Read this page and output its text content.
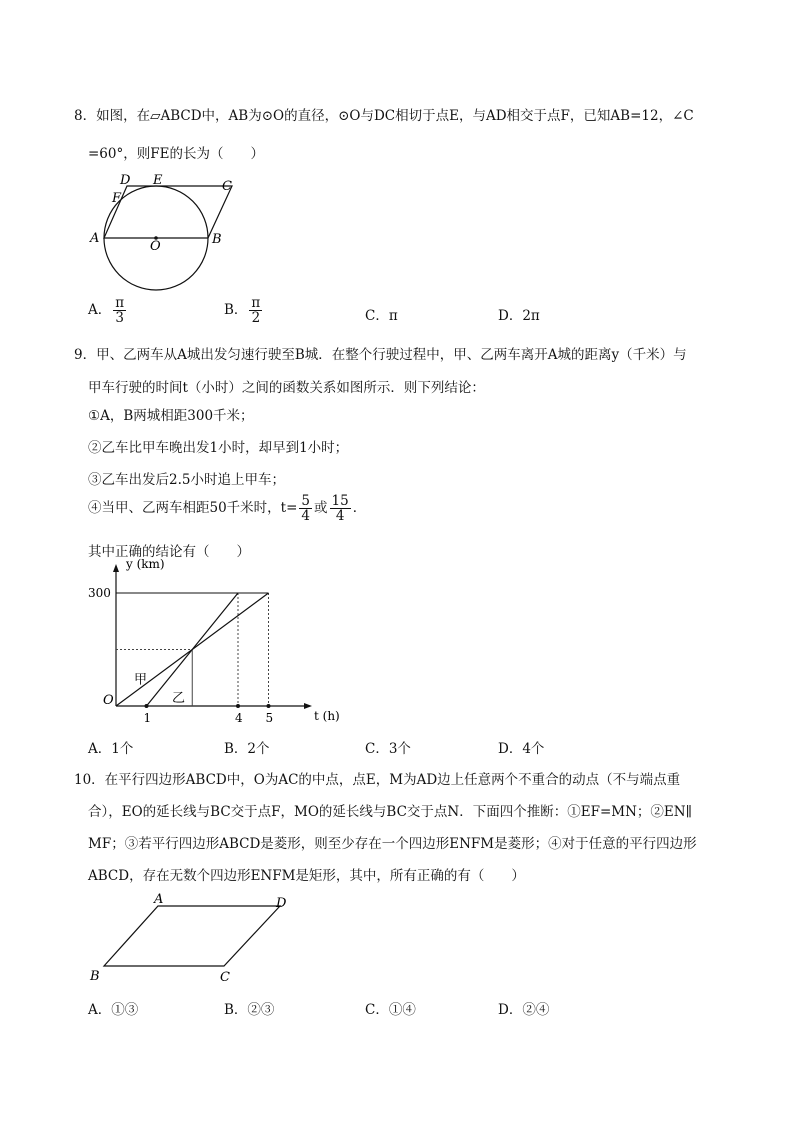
8．如图，在▱ABCD中，AB为⊙O的直径，⊙O与DC相切于点E，与AD相交于点F，已知AB=12，∠C
=60°，则FE的长为（　　）
D E	C
F
A
O	B
A． $\frac{\pi}{3}$	B． $\frac{\pi}{2}$	C．π	D．2π
9．甲、乙两车从A城出发匀速行驶至B城．在整个行驶过程中，甲、乙两车离开A城的距离y（千米）与
甲车行驶的时间t（小时）之间的函数关系如图所示．则下列结论：
①A，B两城相距300千米；
②乙车比甲车晚出发1小时，却早到1小时；
③乙车出发后2.5小时追上甲车；
④当甲、乙两车相距50千米时，$t= \frac{5}{4}$ 或 $\frac{15}{4}$ ．
其中正确的结论有（　　）
甲
乙
1	4 5
300
O
y (km)
t (h)
A．1个	B．2个	C．3个	D．4个
10．在平行四边形ABCD中，O为AC的中点，点E，M为AD边上任意两个不重合的动点（不与端点重
合），EO的延长线与BC交于点F，MO的延长线与BC交于点N．下面四个推断：①EF=MN；②EN∥
MF；③若平行四边形ABCD是菱形，则至少存在一个四边形ENFM是菱形；④对于任意的平行四边形
ABCD，存在无数个四边形ENFM是矩形，其中，所有正确的有（　　）
A	D
B	C
A．①③	B．②③	C．①④	D．②④
